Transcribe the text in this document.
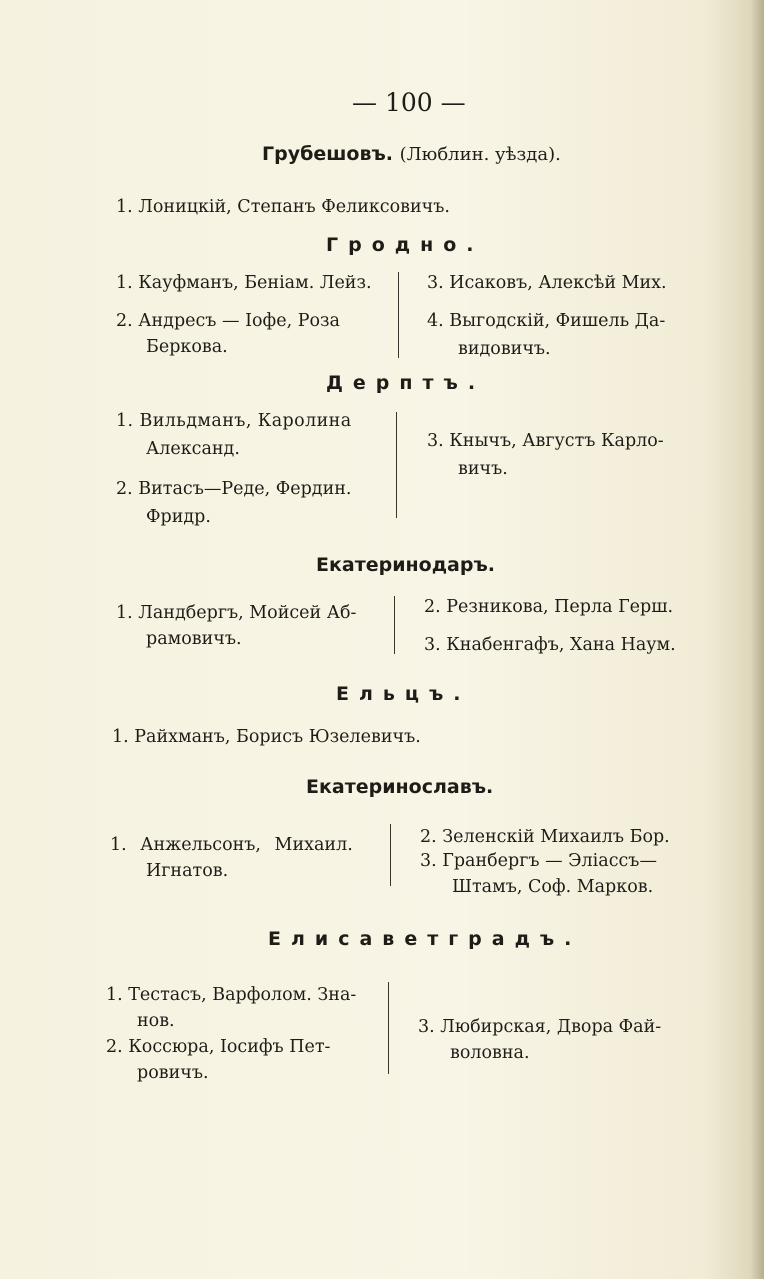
— 100 —
Грубешовъ. (Люблин. уѣзда).
1. Лоницкій, Степанъ Феликсовичъ.
Гродно.
1. Кауфманъ, Беніам. Лейз.
2. Андресъ — Іофе, Роза
Беркова.
3. Исаковъ, Алексѣй Мих.
4. Выгодскій, Фишель Да-
видовичъ.
Дерптъ.
1. Вильдманъ, Каролина
Александ.
2. Витасъ—Реде, Фердин.
Фридр.
3. Кнычъ, Августъ Карло-
вичъ.
Екатеринодаръ.
1. Ландбергъ, Мойсей Аб-
рамовичъ.
2. Резникова, Перла Герш.
3. Кнабенгафъ, Хана Наум.
Ельцъ.
1. Райхманъ, Борисъ Юзелевичъ.
Екатеринославъ.
1. Анжельсонъ, Михаил.
Игнатов.
2. Зеленскій Михаилъ Бор.
3. Гранбергъ — Эліассъ—
Штамъ, Соф. Марков.
Елисаветградъ.
1. Тестасъ, Варфолом. Зна-
нов.
2. Коссюра, Іосифъ Пет-
ровичъ.
3. Любирская, Двора Фай-
воловна.
